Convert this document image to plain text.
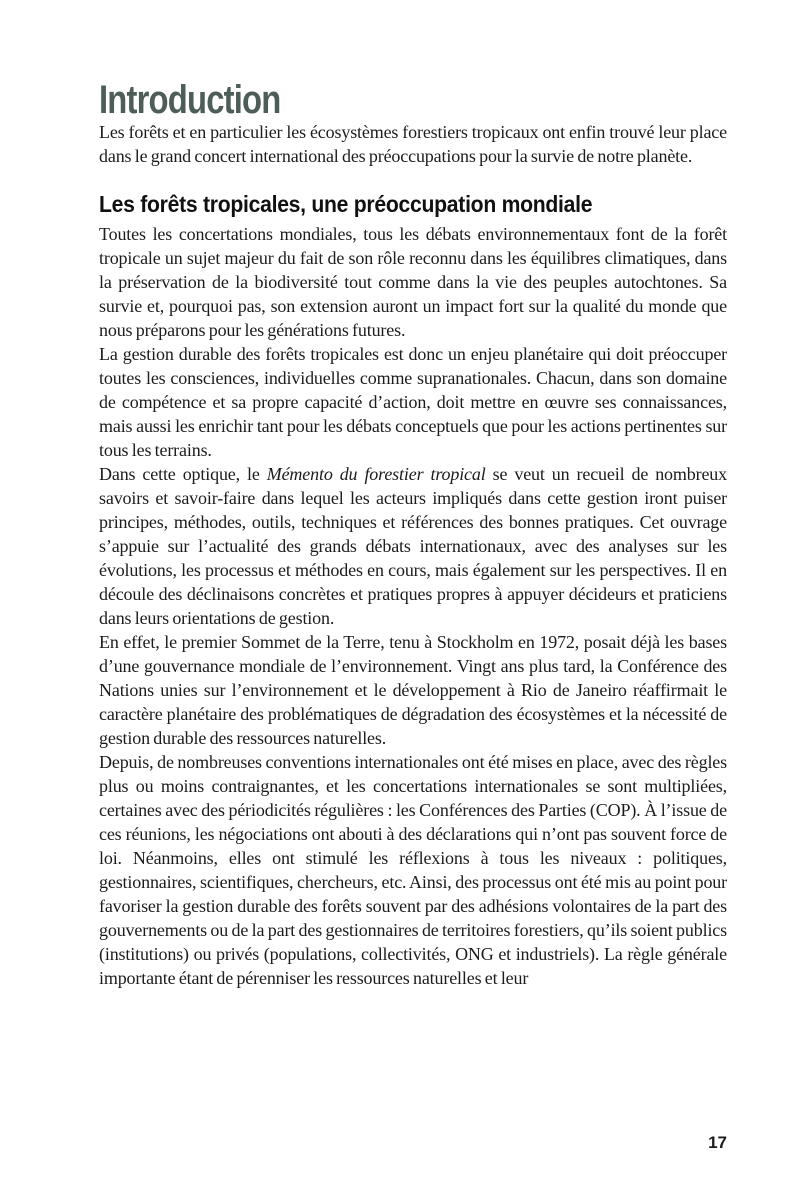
Introduction

Les forêts et en particulier les écosystèmes forestiers tropicaux ont enfin trouvé leur place dans le grand concert international des préoccupations pour la survie de notre planète.

Les forêts tropicales, une préoccupation mondiale

Toutes les concertations mondiales, tous les débats environnementaux font de la forêt tropicale un sujet majeur du fait de son rôle reconnu dans les équilibres climatiques, dans la préservation de la biodiversité tout comme dans la vie des peuples autochtones. Sa survie et, pourquoi pas, son extension auront un impact fort sur la qualité du monde que nous préparons pour les générations futures.

La gestion durable des forêts tropicales est donc un enjeu planétaire qui doit préoccuper toutes les consciences, individuelles comme supranationales. Chacun, dans son domaine de compétence et sa propre capacité d’action, doit mettre en œuvre ses connaissances, mais aussi les enrichir tant pour les débats conceptuels que pour les actions pertinentes sur tous les terrains.

Dans cette optique, le Mémento du forestier tropical se veut un recueil de nombreux savoirs et savoir-faire dans lequel les acteurs impliqués dans cette gestion iront puiser principes, méthodes, outils, techniques et références des bonnes pratiques. Cet ouvrage s’appuie sur l’actualité des grands débats internationaux, avec des analyses sur les évolutions, les processus et méthodes en cours, mais également sur les perspectives. Il en découle des déclinaisons concrètes et pratiques propres à appuyer décideurs et praticiens dans leurs orientations de gestion.

En effet, le premier Sommet de la Terre, tenu à Stockholm en 1972, posait déjà les bases d’une gouvernance mondiale de l’environnement. Vingt ans plus tard, la Conférence des Nations unies sur l’environnement et le développement à Rio de Janeiro réaffirmait le caractère planétaire des problématiques de dégradation des écosystèmes et la nécessité de gestion durable des ressources naturelles.

Depuis, de nombreuses conventions internationales ont été mises en place, avec des règles plus ou moins contraignantes, et les concertations internationales se sont multipliées, certaines avec des périodicités régulières : les Conférences des Parties (COP). À l’issue de ces réunions, les négociations ont abouti à des déclarations qui n’ont pas souvent force de loi. Néanmoins, elles ont stimulé les réflexions à tous les niveaux : politiques, gestionnaires, scientifiques, chercheurs, etc. Ainsi, des processus ont été mis au point pour favoriser la gestion durable des forêts souvent par des adhésions volontaires de la part des gouvernements ou de la part des gestionnaires de territoires forestiers, qu’ils soient publics (institutions) ou privés (populations, collectivités, ONG et industriels). La règle générale importante étant de pérenniser les ressources naturelles et leur

17
